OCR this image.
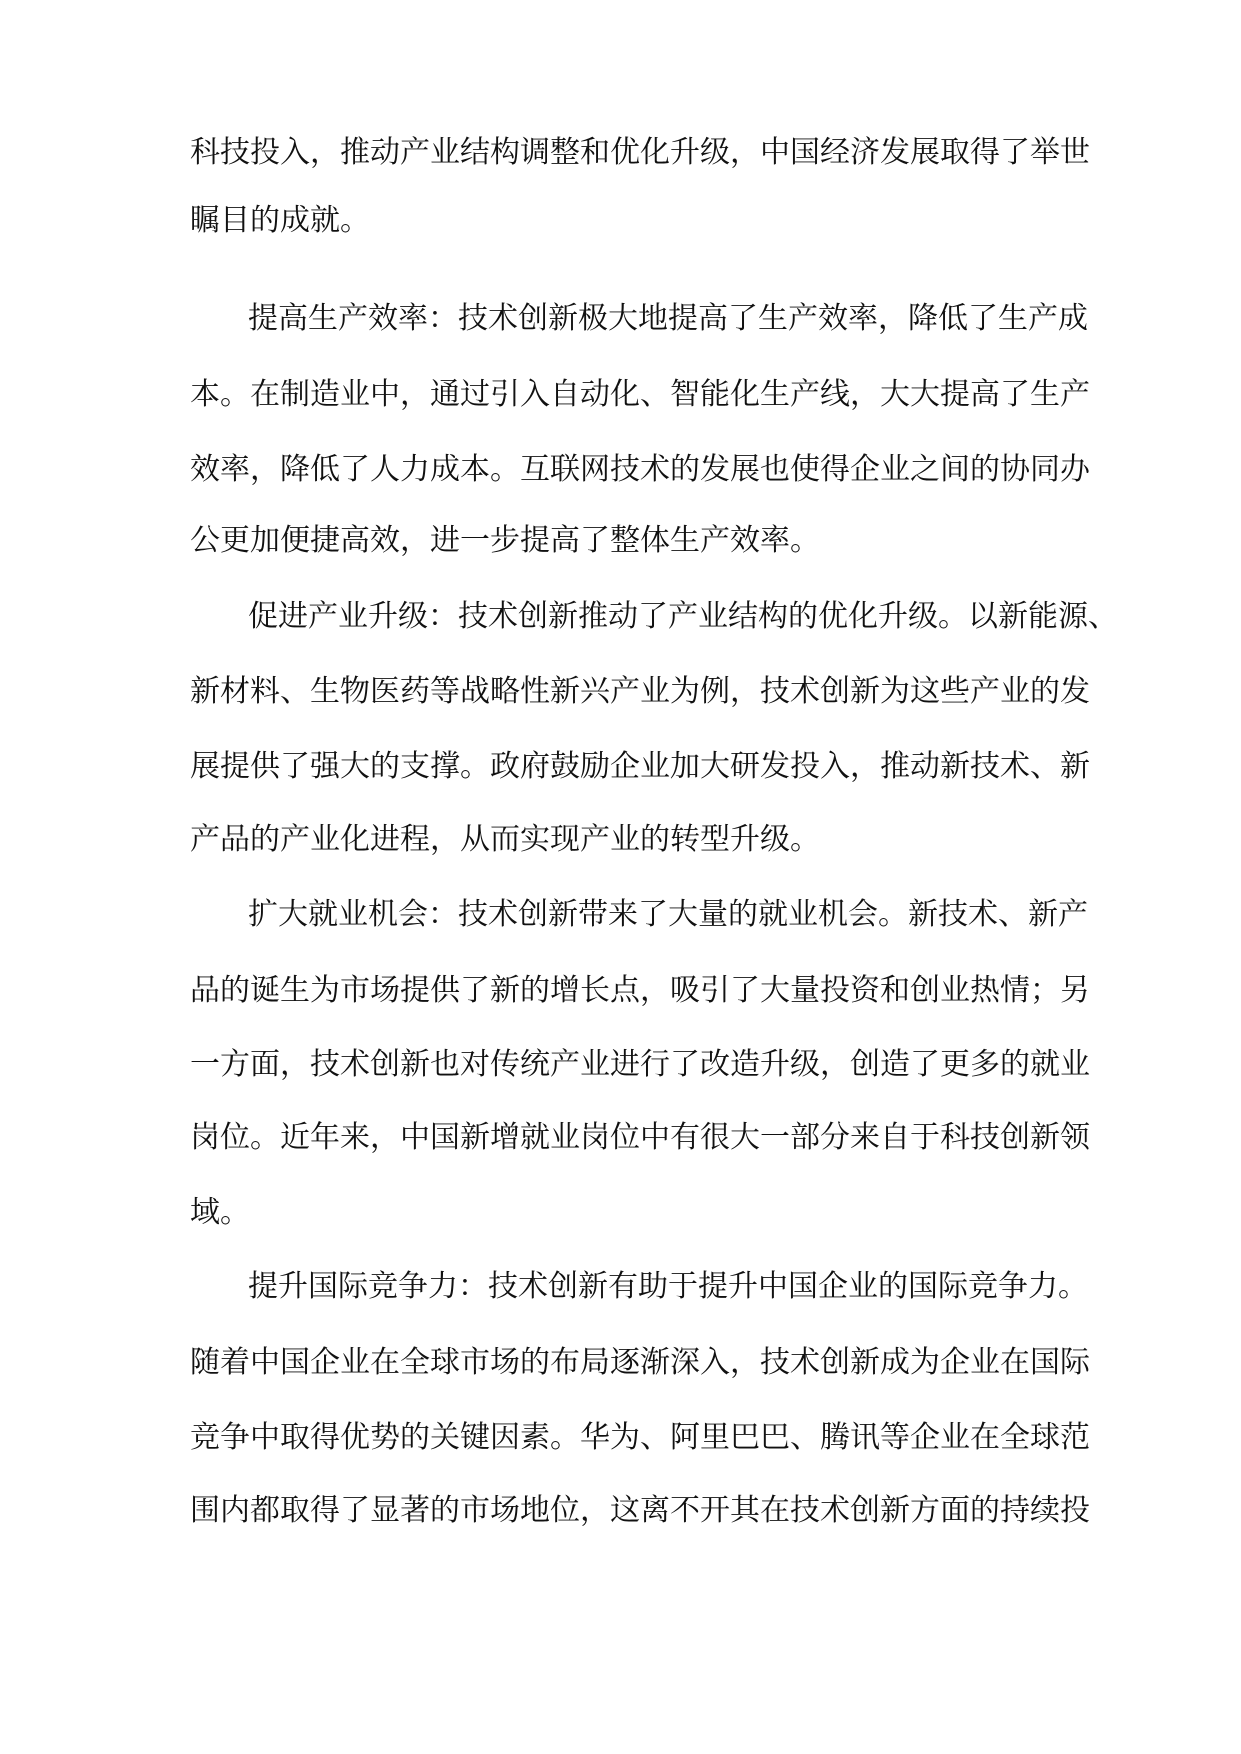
科技投入，推动产业结构调整和优化升级，中国经济发展取得了举世

瞩目的成就。

提高生产效率：技术创新极大地提高了生产效率，降低了生产成

本。在制造业中，通过引入自动化、智能化生产线，大大提高了生产

效率，降低了人力成本。互联网技术的发展也使得企业之间的协同办

公更加便捷高效，进一步提高了整体生产效率。

促进产业升级：技术创新推动了产业结构的优化升级。以新能源、

新材料、生物医药等战略性新兴产业为例，技术创新为这些产业的发

展提供了强大的支撑。政府鼓励企业加大研发投入，推动新技术、新

产品的产业化进程，从而实现产业的转型升级。

扩大就业机会：技术创新带来了大量的就业机会。新技术、新产

品的诞生为市场提供了新的增长点，吸引了大量投资和创业热情；另

一方面，技术创新也对传统产业进行了改造升级，创造了更多的就业

岗位。近年来，中国新增就业岗位中有很大一部分来自于科技创新领

域。

提升国际竞争力：技术创新有助于提升中国企业的国际竞争力。

随着中国企业在全球市场的布局逐渐深入，技术创新成为企业在国际

竞争中取得优势的关键因素。华为、阿里巴巴、腾讯等企业在全球范

围内都取得了显著的市场地位，这离不开其在技术创新方面的持续投
